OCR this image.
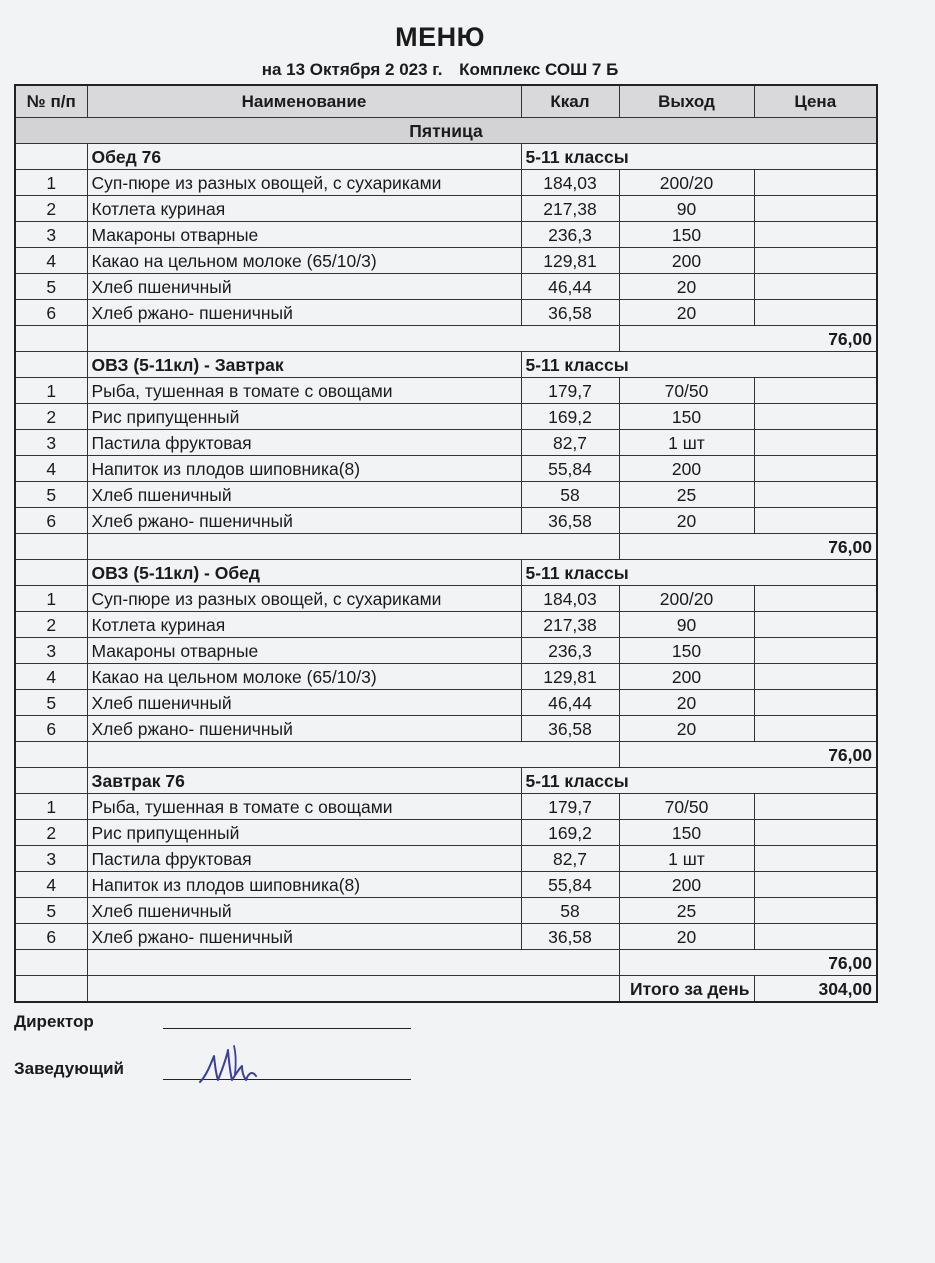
МЕНЮ
на 13 Октября 2 023 г. Комплекс СОШ 7 Б
№ п/п	Наименование	Ккал	Выход	Цена
Пятница				
	Обед 76	5-11 классы		
1	Суп-пюре из разных овощей, с сухариками	184,03	200/20	
2	Котлета куриная	217,38	90	
3	Макароны отварные	236,3	150	
4	Какао на цельном молоке (65/10/3)	129,81	200	
5	Хлеб пшеничный	46,44	20	
6	Хлеб ржано- пшеничный	36,58	20	
			76,00	
	ОВЗ (5-11кл) - Завтрак	5-11 классы		
1	Рыба, тушенная в томате с овощами	179,7	70/50	
2	Рис припущенный	169,2	150	
3	Пастила фруктовая	82,7	1 шт	
4	Напиток из плодов шиповника(8)	55,84	200	
5	Хлеб пшеничный	58	25	
6	Хлеб ржано- пшеничный	36,58	20	
			76,00	
	ОВЗ (5-11кл) - Обед	5-11 классы		
1	Суп-пюре из разных овощей, с сухариками	184,03	200/20	
2	Котлета куриная	217,38	90	
3	Макароны отварные	236,3	150	
4	Какао на цельном молоке (65/10/3)	129,81	200	
5	Хлеб пшеничный	46,44	20	
6	Хлеб ржано- пшеничный	36,58	20	
			76,00	
	Завтрак 76	5-11 классы		
1	Рыба, тушенная в томате с овощами	179,7	70/50	
2	Рис припущенный	169,2	150	
3	Пастила фруктовая	82,7	1 шт	
4	Напиток из плодов шиповника(8)	55,84	200	
5	Хлеб пшеничный	58	25	
6	Хлеб ржано- пшеничный	36,58	20	
			76,00	
			Итого за день	304,00
Директор
Заведующий
